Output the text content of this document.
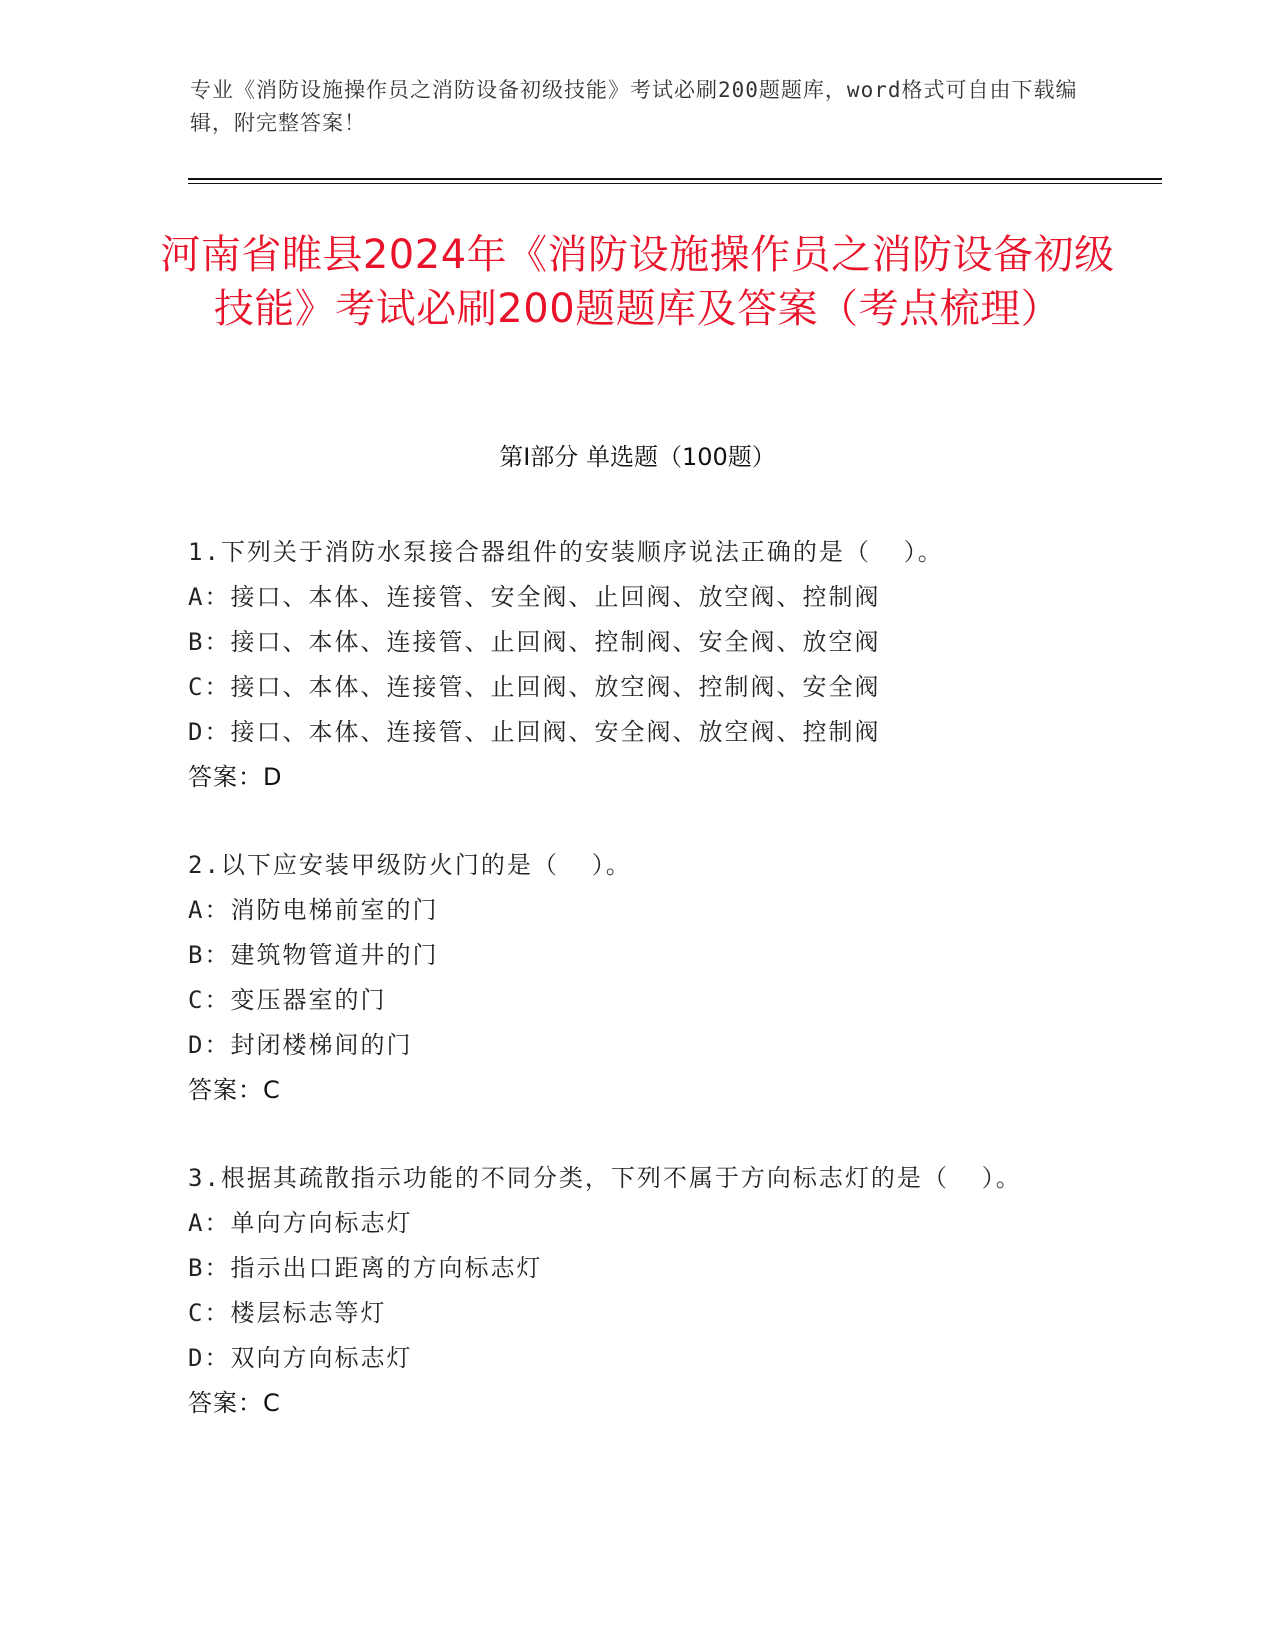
专业《消防设施操作员之消防设备初级技能》考试必刷200题题库，word格式可自由下载编辑，附完整答案！
河南省睢县2024年《消防设施操作员之消防设备初级技能》考试必刷200题题库及答案（考点梳理）
第Ⅰ部分 单选题（100题）
1.下列关于消防水泵接合器组件的安装顺序说法正确的是（  ）。
A：接口、本体、连接管、安全阀、止回阀、放空阀、控制阀
B：接口、本体、连接管、止回阀、控制阀、安全阀、放空阀
C：接口、本体、连接管、止回阀、放空阀、控制阀、安全阀
D：接口、本体、连接管、止回阀、安全阀、放空阀、控制阀
答案：D
2.以下应安装甲级防火门的是（  ）。
A：消防电梯前室的门
B：建筑物管道井的门
C：变压器室的门
D：封闭楼梯间的门
答案：C
3.根据其疏散指示功能的不同分类，下列不属于方向标志灯的是（  ）。
A：单向方向标志灯
B：指示出口距离的方向标志灯
C：楼层标志等灯
D：双向方向标志灯
答案：C
